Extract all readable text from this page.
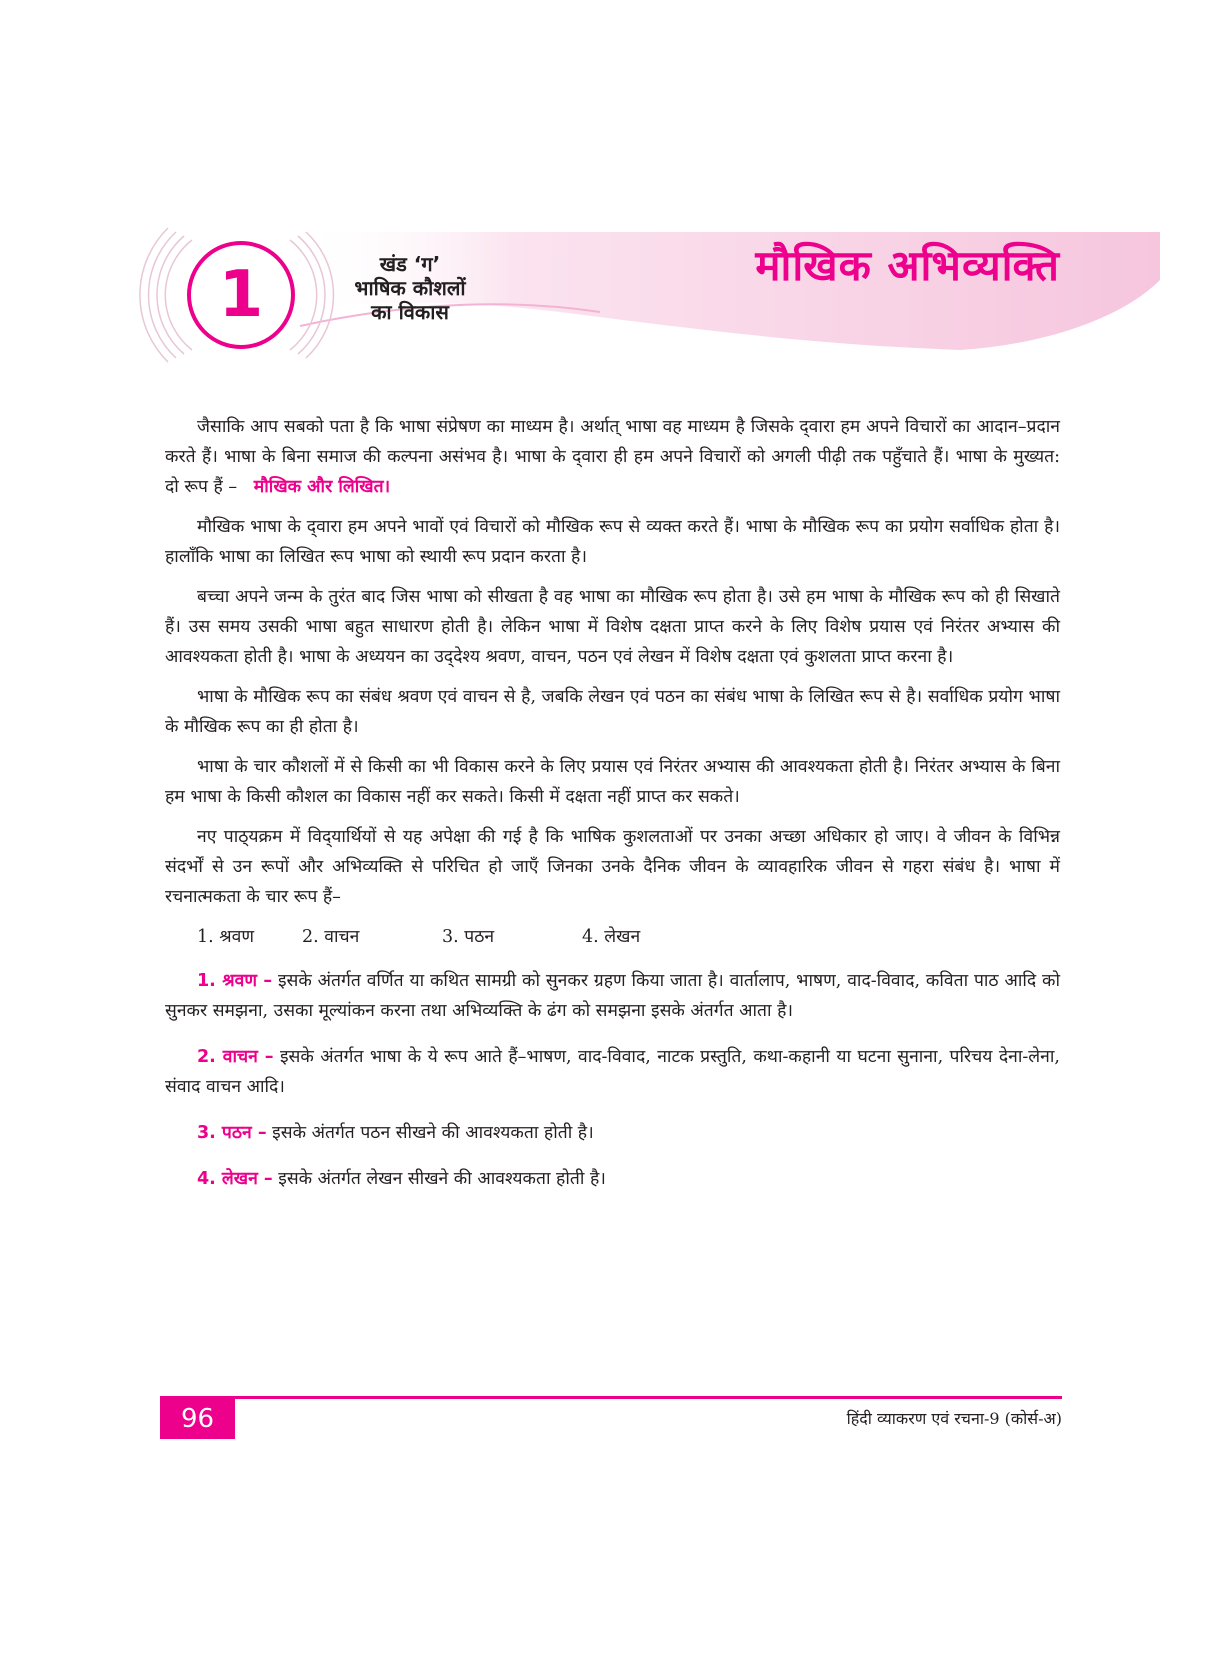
1	खंड ‘ग’
भाषिक कौशलों
का विकास
मौखिक अभिव्यक्ति

जैसाकि आप सबको पता है कि भाषा संप्रेषण का माध्यम है। अर्थात् भाषा वह माध्यम है जिसके द्‌वारा हम अपने विचारों का आदान–प्रदान करते हैं। भाषा के बिना समाज की कल्पना असंभव है। भाषा के द्‌वारा ही हम अपने विचारों को अगली पीढ़ी तक पहुँचाते हैं। भाषा के मुख्यत: दो रूप हैं – मौखिक और लिखित।

मौखिक भाषा के द्‌वारा हम अपने भावों एवं विचारों को मौखिक रूप से व्यक्त करते हैं। भाषा के मौखिक रूप का प्रयोग सर्वाधिक होता है। हालाँकि भाषा का लिखित रूप भाषा को स्थायी रूप प्रदान करता है।

बच्चा अपने जन्म के तुरंत बाद जिस भाषा को सीखता है वह भाषा का मौखिक रूप होता है। उसे हम भाषा के मौखिक रूप को ही सिखाते हैं। उस समय उसकी भाषा बहुत साधारण होती है। लेकिन भाषा में विशेष दक्षता प्राप्त करने के लिए विशेष प्रयास एवं निरंतर अभ्यास की आवश्यकता होती है। भाषा के अध्ययन का उद्‌देश्य श्रवण, वाचन, पठन एवं लेखन में विशेष दक्षता एवं कुशलता प्राप्त करना है।

भाषा के मौखिक रूप का संबंध श्रवण एवं वाचन से है, जबकि लेखन एवं पठन का संबंध भाषा के लिखित रूप से है। सर्वाधिक प्रयोग भाषा के मौखिक रूप का ही होता है।

भाषा के चार कौशलों में से किसी का भी विकास करने के लिए प्रयास एवं निरंतर अभ्यास की आवश्यकता होती है। निरंतर अभ्यास के बिना हम भाषा के किसी कौशल का विकास नहीं कर सकते। किसी में दक्षता नहीं प्राप्त कर सकते।

नए पाठ्‌यक्रम में विद्‌यार्थियों से यह अपेक्षा की गई है कि भाषिक कुशलताओं पर उनका अच्छा अधिकार हो जाए। वे जीवन के विभिन्न संदर्भों से उन रूपों और अभिव्यक्ति से परिचित हो जाएँ जिनका उनके दैनिक जीवन के व्यावहारिक जीवन से गहरा संबंध है। भाषा में रचनात्मकता के चार रूप हैं–

1. श्रवण	2. वाचन	3. पठन	4. लेखन

1. श्रवण – इसके अंतर्गत वर्णित या कथित सामग्री को सुनकर ग्रहण किया जाता है। वार्तालाप, भाषण, वाद-विवाद, कविता पाठ आदि को सुनकर समझना, उसका मूल्यांकन करना तथा अभिव्यक्ति के ढंग को समझना इसके अंतर्गत आता है।

2. वाचन – इसके अंतर्गत भाषा के ये रूप आते हैं–भाषण, वाद-विवाद, नाटक प्रस्तुति, कथा-कहानी या घटना सुनाना, परिचय देना-लेना, संवाद वाचन आदि।

3. पठन – इसके अंतर्गत पठन सीखने की आवश्यकता होती है।

4. लेखन – इसके अंतर्गत लेखन सीखने की आवश्यकता होती है।

96	हिंदी व्याकरण एवं रचना-9 (कोर्स-अ)
